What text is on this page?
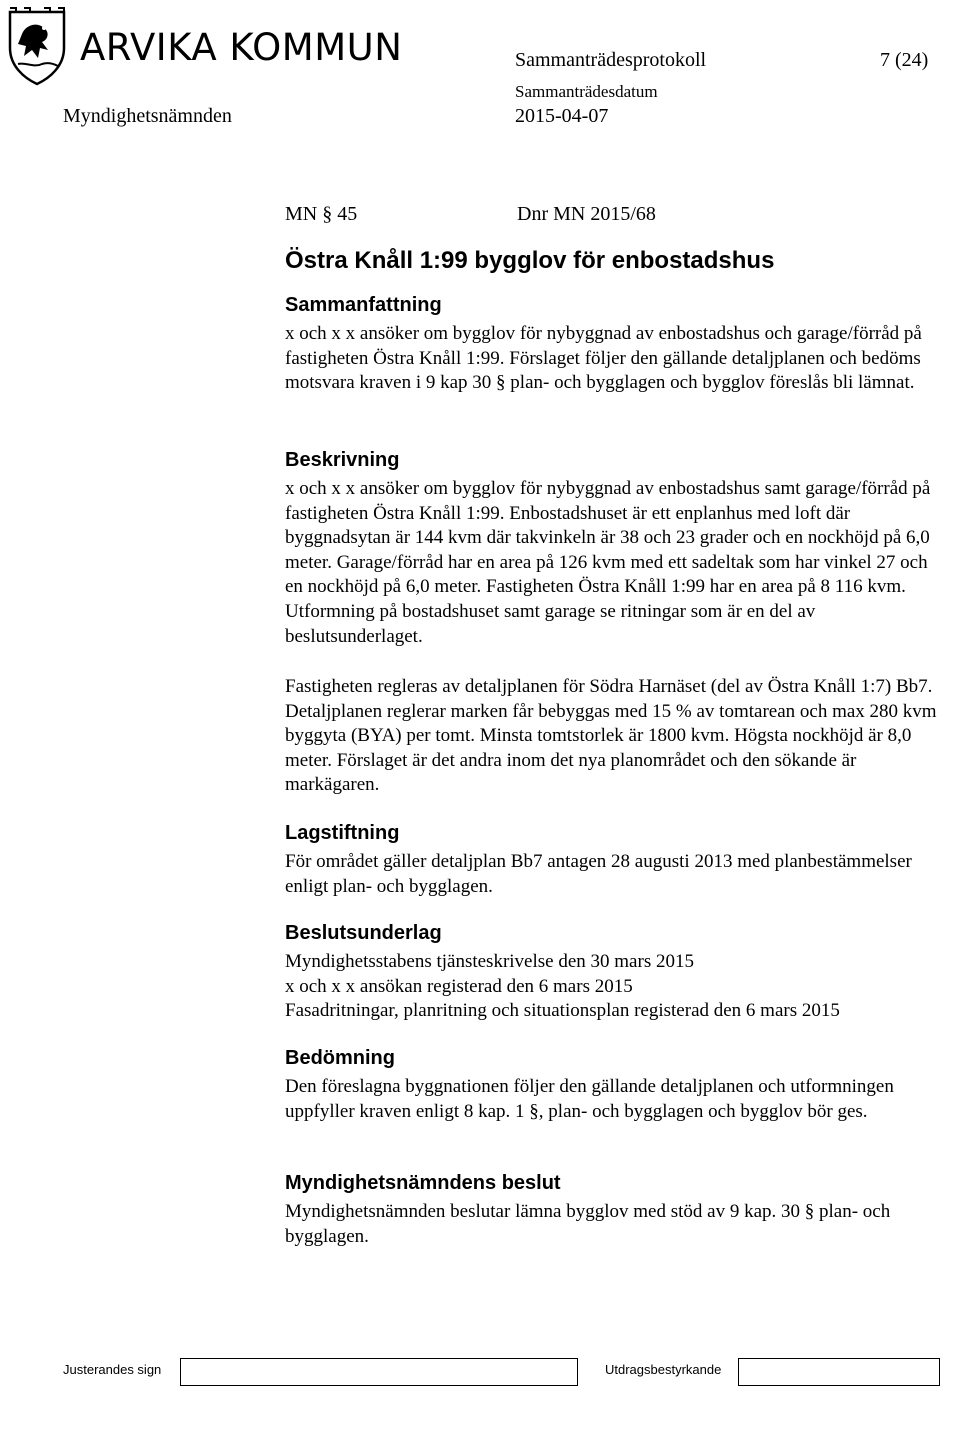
ARVIKA KOMMUN	Sammanträdesprotokoll	7 (24)
Sammanträdesdatum
Myndighetsnämnden	2015-04-07
MN § 45	Dnr MN 2015/68
Östra Knåll 1:99 bygglov för enbostadshus
Sammanfattning

x och x x ansöker om bygglov för nybyggnad av enbostadshus och garage/förråd på fastigheten Östra Knåll 1:99. Förslaget följer den gällande detaljplanen och bedöms motsvara kraven i 9 kap 30 § plan- och bygglagen och bygglov föreslås bli lämnat.

Beskrivning

x och x x ansöker om bygglov för nybyggnad av enbostadshus samt garage/förråd på fastigheten Östra Knåll 1:99. Enbostadshuset är ett enplanhus med loft där byggnadsytan är 144 kvm där takvinkeln är 38 och 23 grader och en nockhöjd på 6,0 meter. Garage/förråd har en area på 126 kvm med ett sadeltak som har vinkel 27 och en nockhöjd på 6,0 meter. Fastigheten Östra Knåll 1:99 har en area på 8 116 kvm. Utformning på bostadshuset samt garage se ritningar som är en del av beslutsunderlaget.

Fastigheten regleras av detaljplanen för Södra Harnäset (del av Östra Knåll 1:7) Bb7. Detaljplanen reglerar marken får bebyggas med 15 % av tomtarean och max 280 kvm byggyta (BYA) per tomt. Minsta tomtstorlek är 1800 kvm. Högsta nockhöjd är 8,0 meter. Förslaget är det andra inom det nya planområdet och den sökande är markägaren.

Lagstiftning

För området gäller detaljplan Bb7 antagen 28 augusti 2013 med planbestämmelser enligt plan- och bygglagen.

Beslutsunderlag

Myndighetsstabens tjänsteskrivelse den 30 mars 2015

x och x x ansökan registerad den 6 mars 2015

Fasadritningar, planritning och situationsplan registerad den 6 mars 2015

Bedömning

Den föreslagna byggnationen följer den gällande detaljplanen och utformningen uppfyller kraven enligt 8 kap. 1 §, plan- och bygglagen och bygglov bör ges.

Myndighetsnämndens beslut

Myndighetsnämnden beslutar lämna bygglov med stöd av 9 kap. 30 § plan- och bygglagen.

Justerandes sign	Utdragsbestyrkande
